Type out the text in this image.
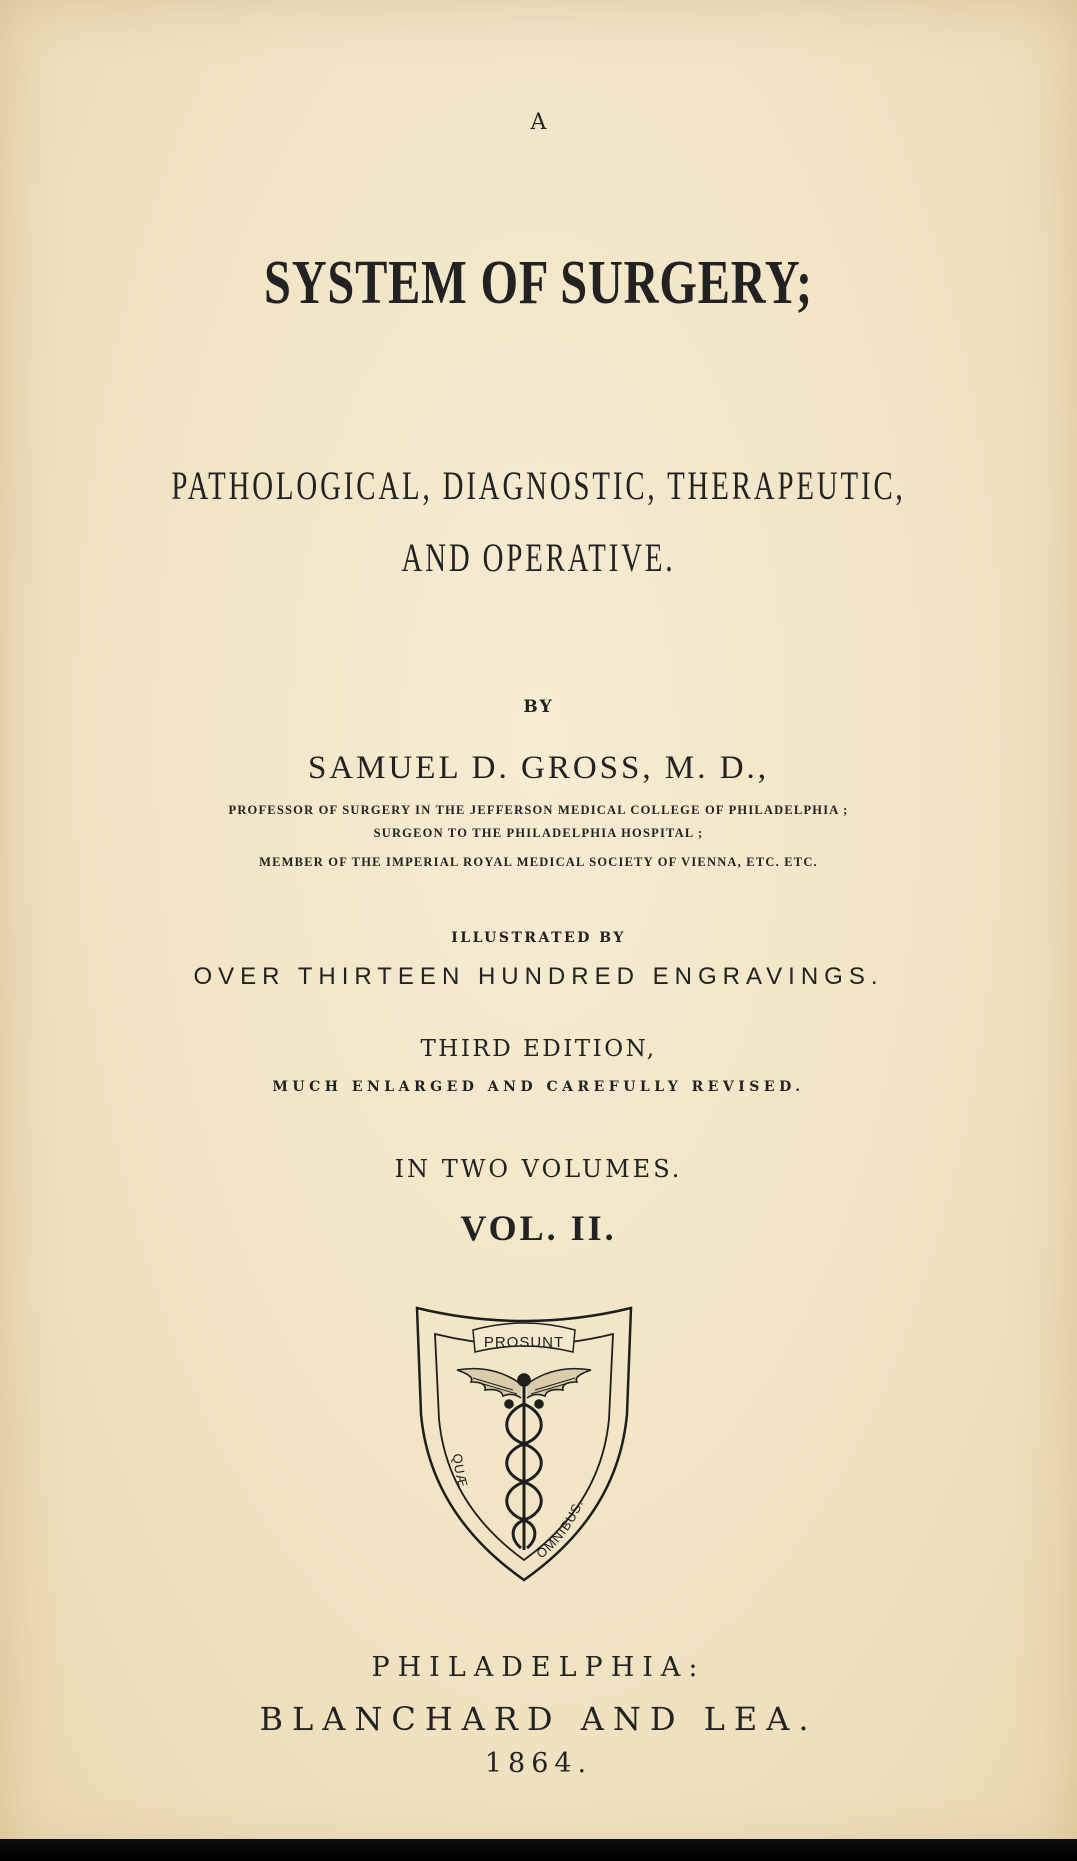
A

SYSTEM OF SURGERY;

PATHOLOGICAL, DIAGNOSTIC, THERAPEUTIC,

AND OPERATIVE.

BY

SAMUEL D. GROSS, M. D.,

PROFESSOR OF SURGERY IN THE JEFFERSON MEDICAL COLLEGE OF PHILADELPHIA ;

SURGEON TO THE PHILADELPHIA HOSPITAL ;

MEMBER OF THE IMPERIAL ROYAL MEDICAL SOCIETY OF VIENNA, ETC. ETC.

ILLUSTRATED BY

OVER THIRTEEN HUNDRED ENGRAVINGS.

THIRD EDITION,

MUCH ENLARGED AND CAREFULLY REVISED.

IN TWO VOLUMES.

VOL. II.

PROSUNT
QUÆ
OMNIBUS.

PHILADELPHIA:

BLANCHARD AND LEA.

1864.
